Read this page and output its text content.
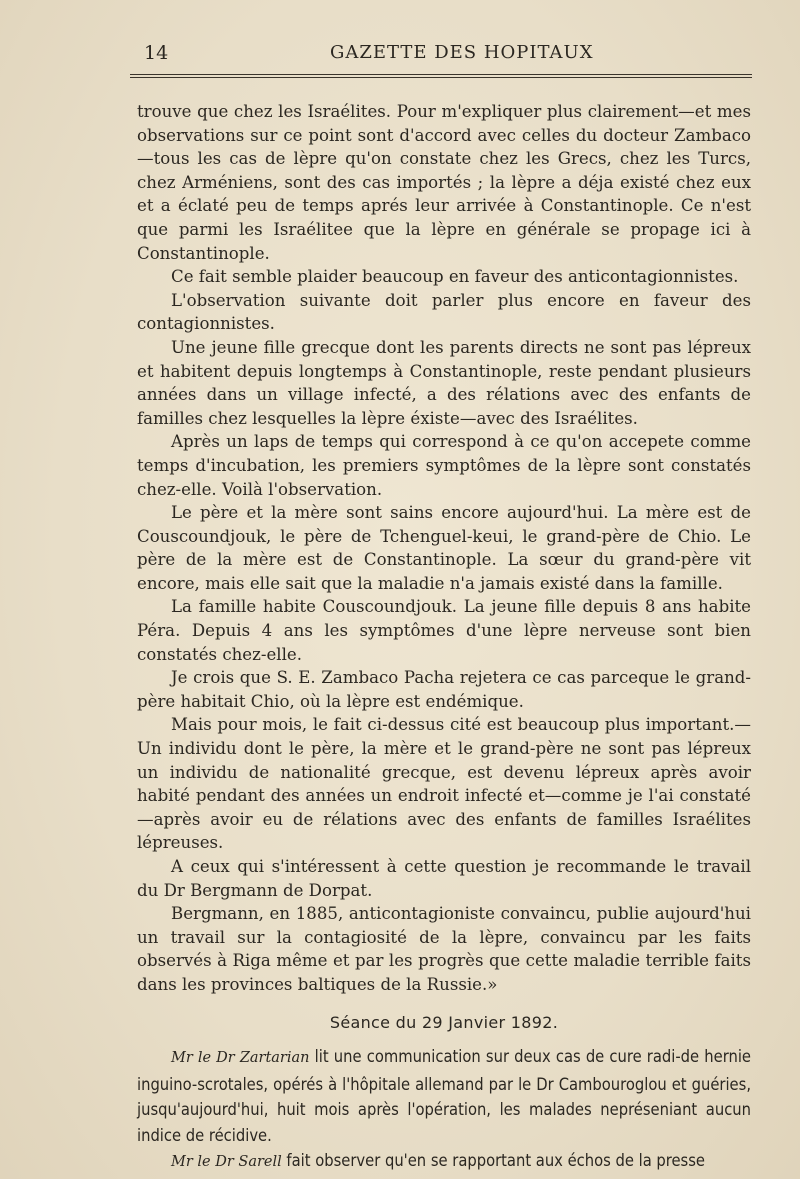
14	GAZETTE DES HOPITAUX

trouve que chez les Israélites. Pour m'expliquer plus clairement—et mes observations sur ce point sont d'accord avec celles du docteur Zambaco—tous les cas de lèpre qu'on constate chez les Grecs, chez les Turcs, chez Arméniens, sont des cas importés ; la lèpre a déja existé chez eux et a éclaté peu de temps aprés leur arrivée à Constantinople. Ce n'est que parmi les Israélitee que la lèpre en générale se propage ici à Constantinople.

Ce fait semble plaider beaucoup en faveur des anticontagionnistes.

L'observation suivante doit parler plus encore en faveur des contagionnistes.

Une jeune fille grecque dont les parents directs ne sont pas lépreux et habitent depuis longtemps à Constantinople, reste pendant plusieurs années dans un village infecté, a des rélations avec des enfants de familles chez lesquelles la lèpre éxiste—avec des Israélites.

Après un laps de temps qui correspond à ce qu'on accepete comme temps d'incubation, les premiers symptômes de la lèpre sont constatés chez-elle. Voilà l'observation.

Le père et la mère sont sains encore aujourd'hui. La mère est de Couscoundjouk, le père de Tchenguel-keui, le grand-père de Chio. Le père de la mère est de Constantinople. La sœur du grand-père vit encore, mais elle sait que la maladie n'a jamais existé dans la famille.

La famille habite Couscoundjouk. La jeune fille depuis 8 ans habite Péra. Depuis 4 ans les symptômes d'une lèpre nerveuse sont bien constatés chez-elle.

Je crois que S. E. Zambaco Pacha rejetera ce cas parceque le grand-père habitait Chio, où la lèpre est endémique.

Mais pour mois, le fait ci-dessus cité est beaucoup plus important.—Un individu dont le père, la mère et le grand-père ne sont pas lépreux un individu de nationalité grecque, est devenu lépreux après avoir habité pendant des années un endroit infecté et—comme je l'ai constaté—après avoir eu de rélations avec des enfants de familles Israélites lépreuses.

A ceux qui s'intéressent à cette question je recommande le travail du Dr Bergmann de Dorpat.

Bergmann, en 1885, anticontagioniste convaincu, publie aujourd'hui un travail sur la contagiosité de la lèpre, convaincu par les faits observés à Riga même et par les progrès que cette maladie terrible faits dans les provinces baltiques de la Russie.»

Séance du 29 Janvier 1892.

Mr le Dr Zartarian lit une communication sur deux cas de cure radi-de hernie inguino-scrotales, opérés à l'hôpitale allemand par le Dr Cambouroglou et guéries, jusqu'aujourd'hui, huit mois après l'opération, les malades nepréseniant aucun indice de récidive.

Mr le Dr Sarell fait observer qu'en se rapportant aux échos de la presse
